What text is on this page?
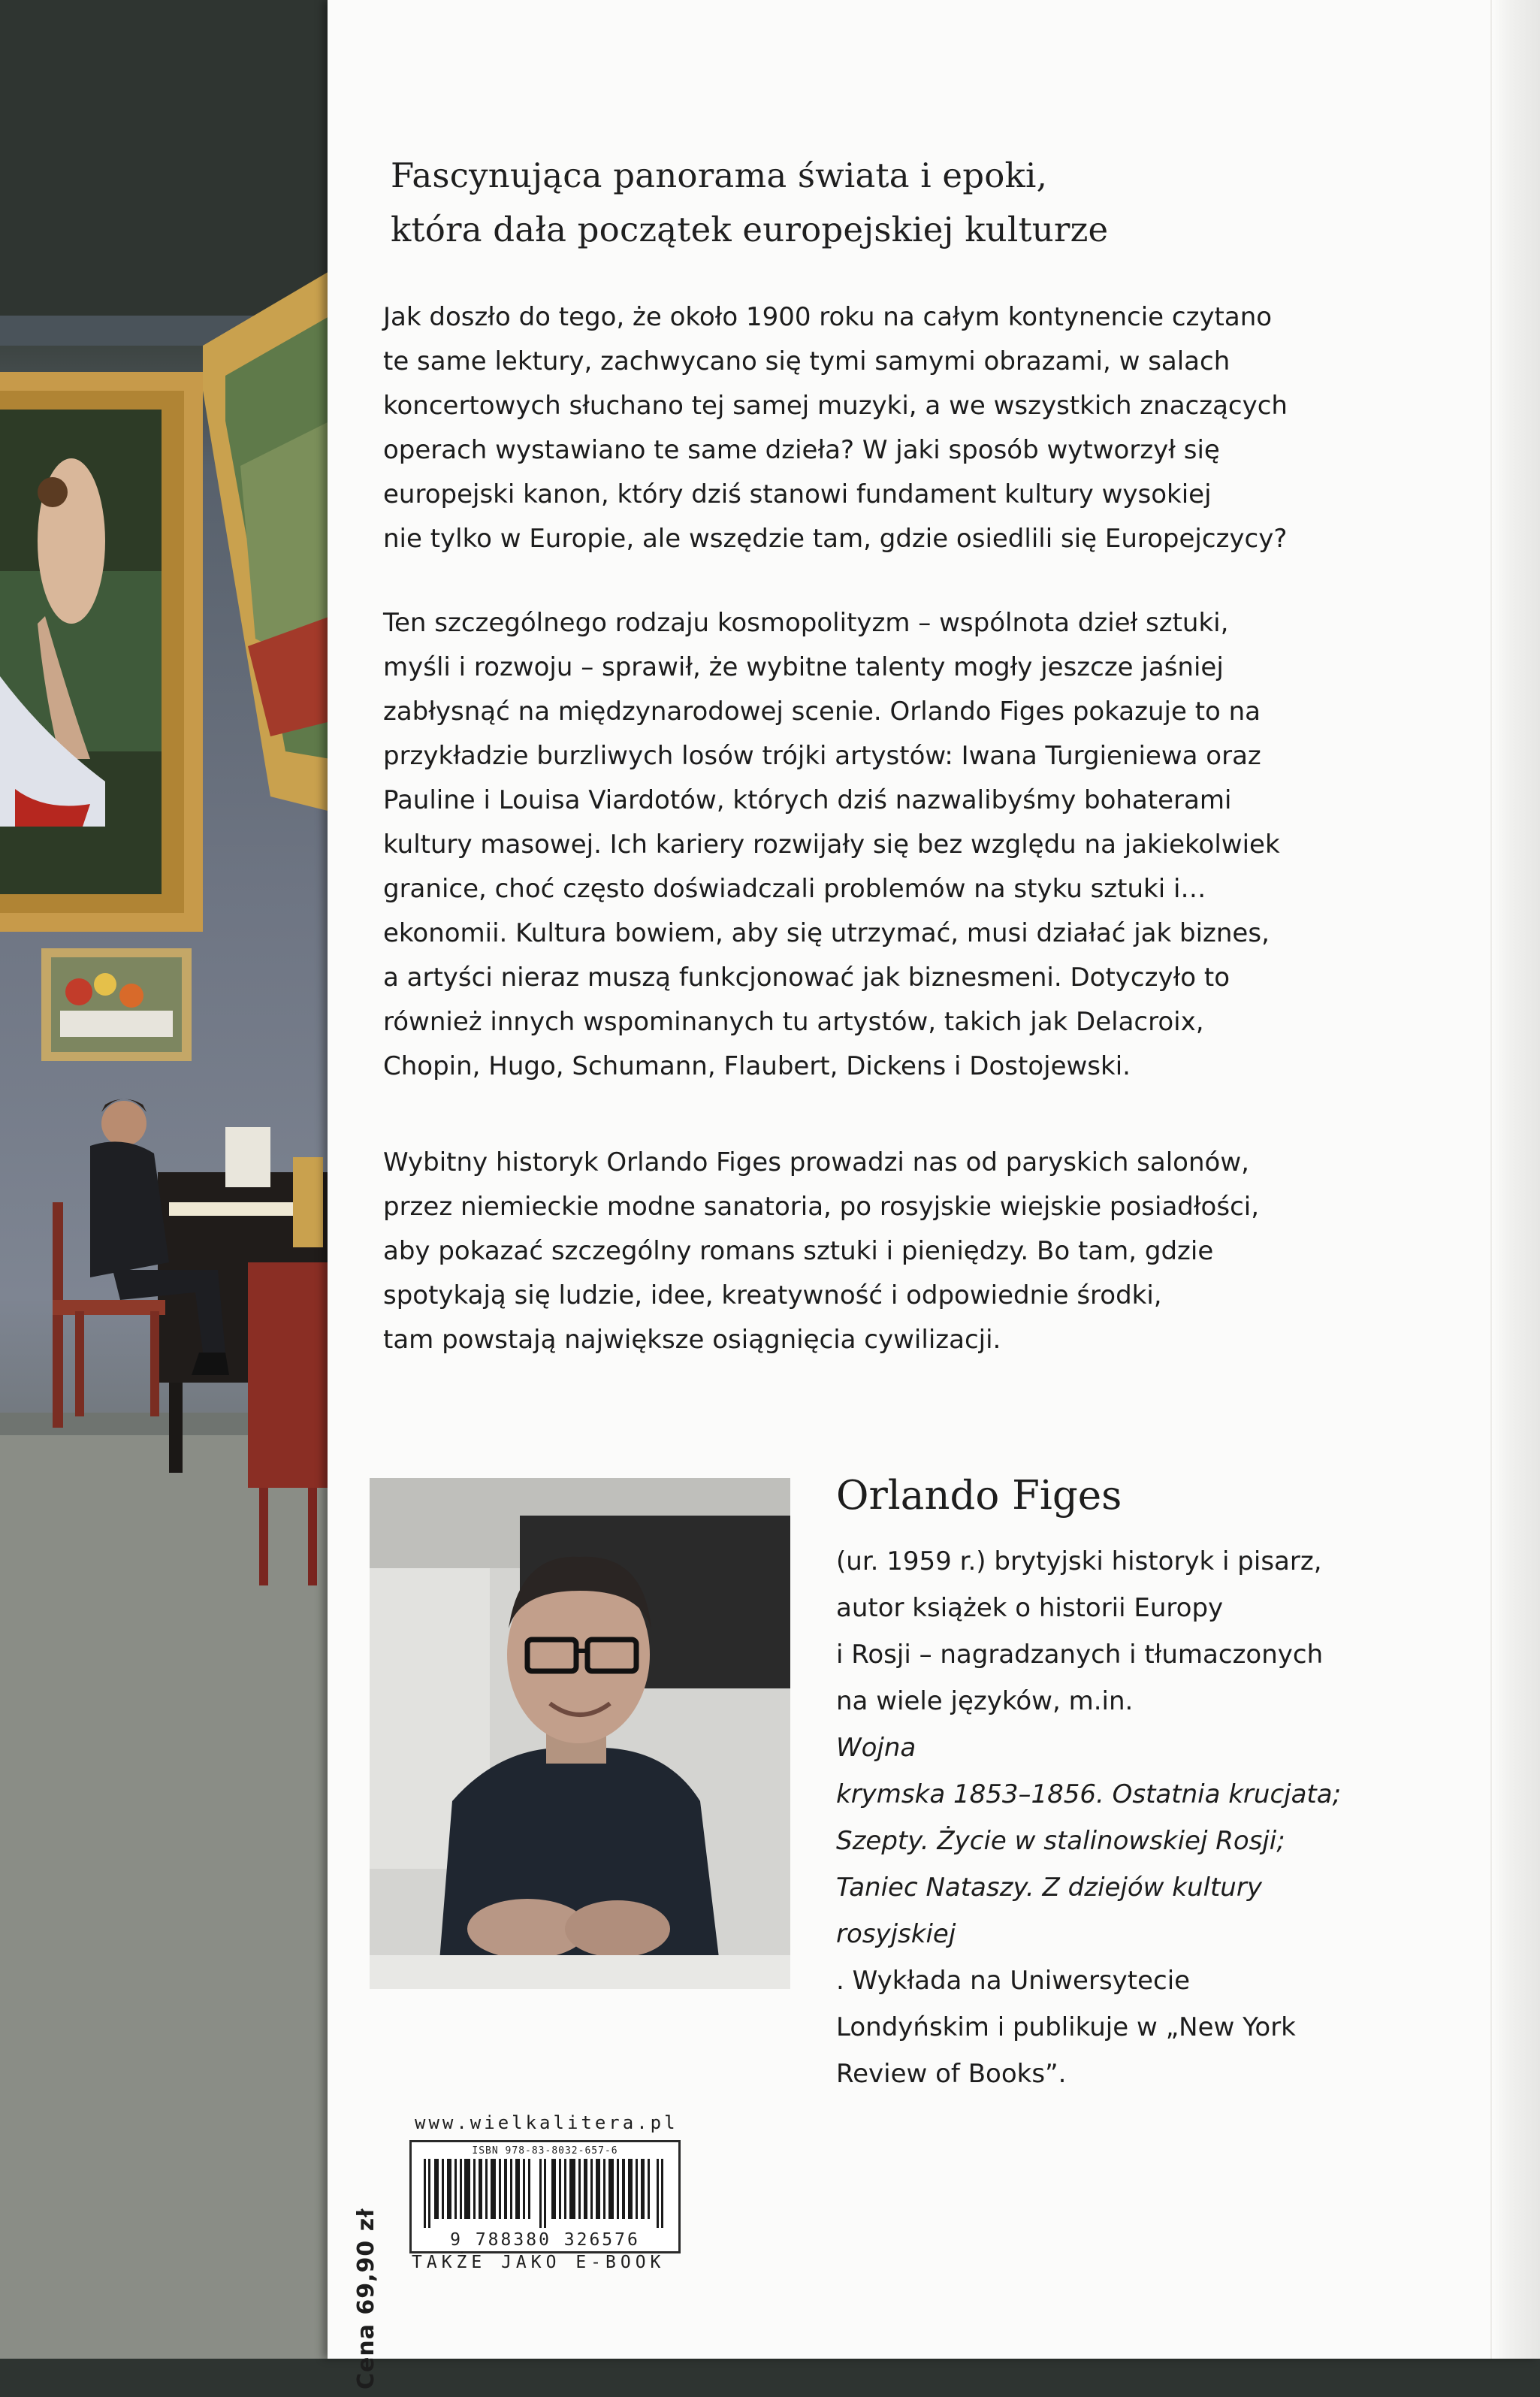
Fascynująca panorama świata i epoki,
która dała początek europejskiej kulturze

Jak doszło do tego, że około 1900 roku na całym kontynencie czytano
te same lektury, zachwycano się tymi samymi obrazami, w salach
koncertowych słuchano tej samej muzyki, a we wszystkich znaczących
operach wystawiano te same dzieła? W jaki sposób wytworzył się
europejski kanon, który dziś stanowi fundament kultury wysokiej
nie tylko w Europie, ale wszędzie tam, gdzie osiedlili się Europejczycy?

Ten szczególnego rodzaju kosmopolityzm – wspólnota dzieł sztuki,
myśli i rozwoju – sprawił, że wybitne talenty mogły jeszcze jaśniej
zabłysnąć na międzynarodowej scenie. Orlando Figes pokazuje to na
przykładzie burzliwych losów trójki artystów: Iwana Turgieniewa oraz
Pauline i Louisa Viardotów, których dziś nazwalibyśmy bohaterami
kultury masowej. Ich kariery rozwijały się bez względu na jakiekolwiek
granice, choć często doświadczali problemów na styku sztuki i…
ekonomii. Kultura bowiem, aby się utrzymać, musi działać jak biznes,
a artyści nieraz muszą funkcjonować jak biznesmeni. Dotyczyło to
również innych wspominanych tu artystów, takich jak Delacroix,
Chopin, Hugo, Schumann, Flaubert, Dickens i Dostojewski.

Wybitny historyk Orlando Figes prowadzi nas od paryskich salonów,
przez niemieckie modne sanatoria, po rosyjskie wiejskie posiadłości,
aby pokazać szczególny romans sztuki i pieniędzy. Bo tam, gdzie
spotykają się ludzie, idee, kreatywność i odpowiednie środki,
tam powstają największe osiągnięcia cywilizacji.

Orlando Figes
(ur. 1959 r.) brytyjski historyk i pisarz,
autor książek o historii Europy
i Rosji – nagradzanych i tłumaczonych
na wiele języków, m.in.
Wojna
krymska 1853–1856. Ostatnia krucjata;
Szepty. Życie w stalinowskiej Rosji;
Taniec Nataszy. Z dziejów kultury
rosyjskiej
. Wykłada na Uniwersytecie
Londyńskim i publikuje w „New York
Review of Books”.
Cena 69,90 zł
www.wielkalitera.pl
ISBN 978-83-8032-657-6
9 788380 326576
TAKŻE JAKO E-BOOK
